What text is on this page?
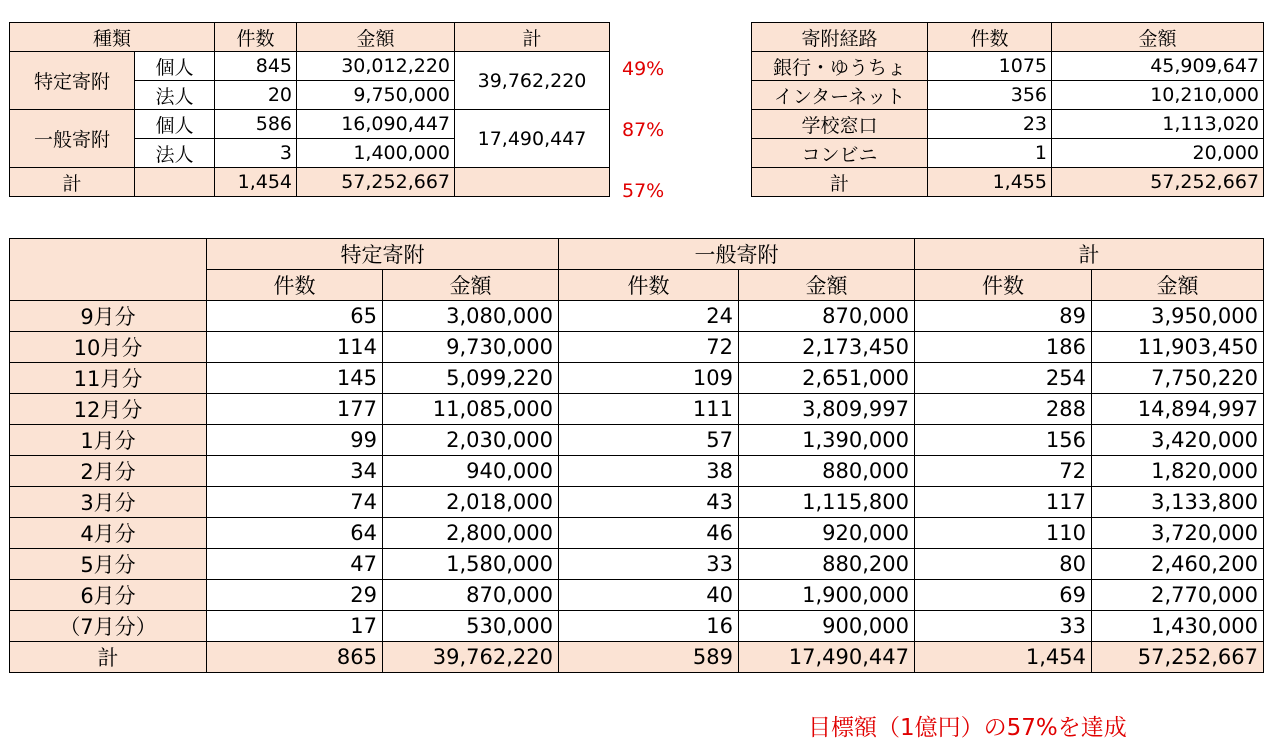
種類		件数	金額	計
特定寄附	個人	845	30,012,220	39,762,220
	法人	20	9,750,000	
一般寄附	個人	586	16,090,447	17,490,447
	法人	3	1,400,000	
計		1,454	57,252,667	
49%
87%
57%
寄附経路	件数	金額
銀行・ゆうちょ	1075	45,909,647
インターネット	356	10,210,000
学校窓口	23	1,113,020
コンビニ	1	20,000
計	1,455	57,252,667
	特定寄附		一般寄附		計	
	件数	金額	件数	金額	件数	金額
9月分	65	3,080,000	24	870,000	89	3,950,000
10月分	114	9,730,000	72	2,173,450	186	11,903,450
11月分	145	5,099,220	109	2,651,000	254	7,750,220
12月分	177	11,085,000	111	3,809,997	288	14,894,997
1月分	99	2,030,000	57	1,390,000	156	3,420,000
2月分	34	940,000	38	880,000	72	1,820,000
3月分	74	2,018,000	43	1,115,800	117	3,133,800
4月分	64	2,800,000	46	920,000	110	3,720,000
5月分	47	1,580,000	33	880,200	80	2,460,200
6月分	29	870,000	40	1,900,000	69	2,770,000
（7月分）	17	530,000	16	900,000	33	1,430,000
計	865	39,762,220	589	17,490,447	1,454	57,252,667
目標額（1億円）の57%を達成
